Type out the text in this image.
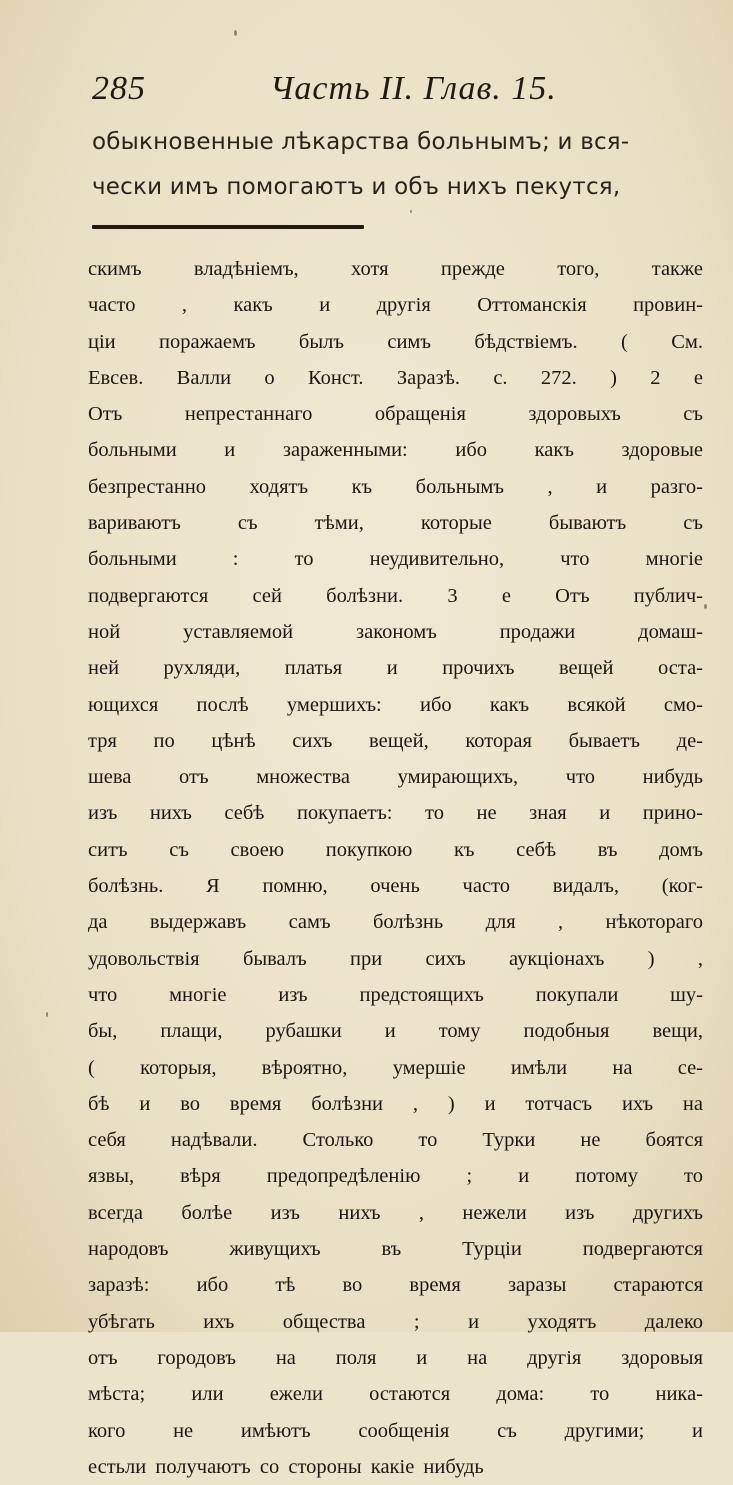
285	Часть II. Глав. 15.
обыкновенные лѣкарства больнымъ; и вся-
чески имъ помогаютъ и объ нихъ пекутся,
скимъ владѣніемъ, хотя прежде того, также
часто , какъ и другія Оттоманскія провин-
ціи поражаемъ былъ симъ бѣдствіемъ. ( См.
Евсев. Валли о Конст. Заразѣ. с. 272. ) 2 е
Отъ непрестаннаго обращенія здоровыхъ съ
больными и зараженными: ибо какъ здоровые
безпрестанно ходятъ къ больнымъ , и разго-
вариваютъ съ тѣми, которые бываютъ съ
больными : то неудивительно, что многіе
подвергаются сей болѣзни. 3 е Отъ публич-
ной уставляемой закономъ продажи домаш-
ней рухляди, платья и прочихъ вещей оста-
ющихся послѣ умершихъ: ибо какъ всякой смо-
тря по цѣнѣ сихъ вещей, которая бываетъ де-
шева отъ множества умирающихъ, что нибудь
изъ нихъ себѣ покупаетъ: то не зная и прино-
ситъ съ своею покупкою къ себѣ въ домъ
болѣзнь. Я помню, очень часто видалъ, (ког-
да выдержавъ самъ болѣзнь для , нѣкотораго
удовольствія бывалъ при сихъ аукціонахъ ) ,
что многіе изъ предстоящихъ покупали шу-
бы, плащи, рубашки и тому подобныя вещи,
( которыя, вѣроятно, умершіе имѣли на се-
бѣ и во время болѣзни , ) и тотчасъ ихъ на
себя надѣвали. Столько то Турки не боятся
язвы, вѣря предопредѣленію ; и потому то
всегда болѣе изъ нихъ , нежели изъ другихъ
народовъ живущихъ въ Турціи подвергаются
заразѣ: ибо тѣ во время заразы стараются
убѣгать ихъ общества ; и уходятъ далеко
отъ городовъ на поля и на другія здоровыя
мѣста; или ежели остаются дома: то ника-
кого не имѣютъ сообщенія съ другими; и
естьли получаютъ со стороны какіе нибудь
